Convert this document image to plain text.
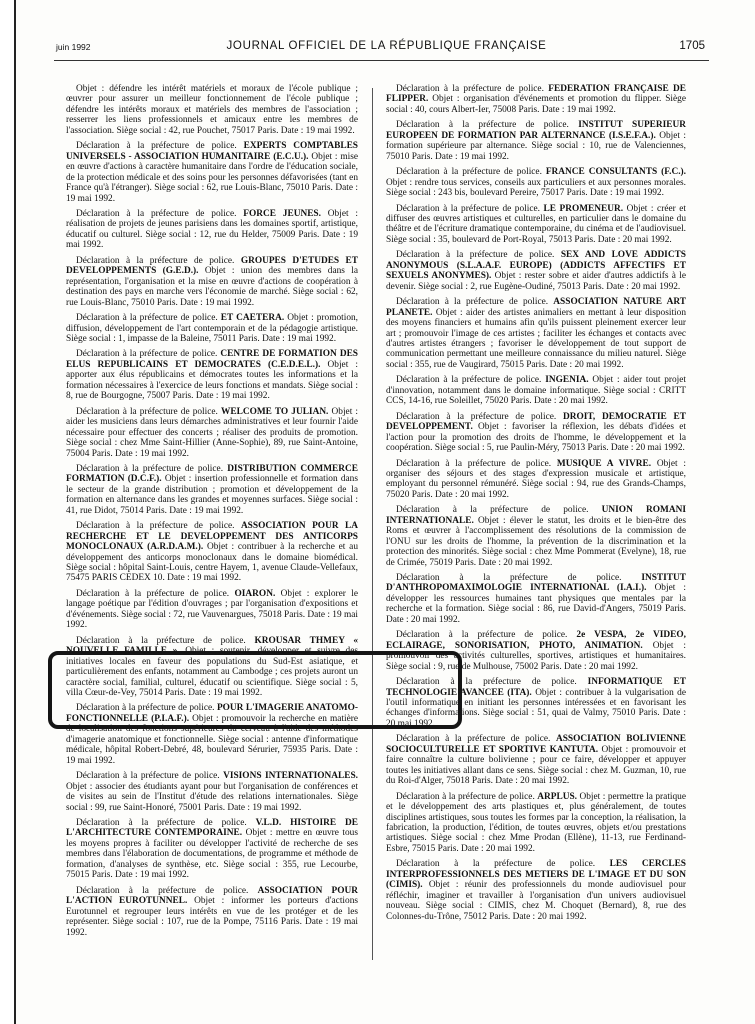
juin 1992	JOURNAL OFFICIEL DE LA RÉPUBLIQUE FRANÇAISE	1705

Objet : défendre les intérêt matériels et moraux de l'école publique ; œuvrer pour assurer un meilleur fonctionnement de l'école publique ; défendre les intérêts moraux et matériels des membres de l'association ; resserrer les liens professionnels et amicaux entre les membres de l'association. Siège social : 42, rue Pouchet, 75017 Paris. Date : 19 mai 1992.

Déclaration à la préfecture de police. EXPERTS COMPTABLES UNIVERSELS - ASSOCIATION HUMANITAIRE (E.C.U.). Objet : mise en œuvre d'actions à caractère humanitaire dans l'ordre de l'éducation sociale, de la protection médicale et des soins pour les personnes défavorisées (tant en France qu'à l'étranger). Siège social : 62, rue Louis-Blanc, 75010 Paris. Date : 19 mai 1992.

Déclaration à la préfecture de police. FORCE JEUNES. Objet : réalisation de projets de jeunes parisiens dans les domaines sportif, artistique, éducatif ou culturel. Siège social : 12, rue du Helder, 75009 Paris. Date : 19 mai 1992.

Déclaration à la préfecture de police. GROUPES D'ETUDES ET DEVELOPPEMENTS (G.E.D.). Objet : union des membres dans la représentation, l'organisation et la mise en œuvre d'actions de coopération à destination des pays en marche vers l'économie de marché. Siège social : 62, rue Louis-Blanc, 75010 Paris. Date : 19 mai 1992.

Déclaration à la préfecture de police. ET CAETERA. Objet : promotion, diffusion, développement de l'art contemporain et de la pédagogie artistique. Siège social : 1, impasse de la Baleine, 75011 Paris. Date : 19 mai 1992.

Déclaration à la préfecture de police. CENTRE DE FORMATION DES ELUS REPUBLICAINS ET DEMOCRATES (C.E.D.E.L.). Objet : apporter aux élus républicains et démocrates toutes les informations et la formation nécessaires à l'exercice de leurs fonctions et mandats. Siège social : 8, rue de Bourgogne, 75007 Paris. Date : 19 mai 1992.

Déclaration à la préfecture de police. WELCOME TO JULIAN. Objet : aider les musiciens dans leurs démarches administratives et leur fournir l'aide nécessaire pour effectuer des concerts ; réaliser des produits de promotion. Siège social : chez Mme Saint-Hillier (Anne-Sophie), 89, rue Saint-Antoine, 75004 Paris. Date : 19 mai 1992.

Déclaration à la préfecture de police. DISTRIBUTION COMMERCE FORMATION (D.C.F.). Objet : insertion professionnelle et formation dans le secteur de la grande distribution ; promotion et développement de la formation en alternance dans les grandes et moyennes surfaces. Siège social : 41, rue Didot, 75014 Paris. Date : 19 mai 1992.

Déclaration à la préfecture de police. ASSOCIATION POUR LA RECHERCHE ET LE DEVELOPPEMENT DES ANTICORPS MONOCLONAUX (A.R.D.A.M.). Objet : contribuer à la recherche et au développement des anticorps monoclonaux dans le domaine biomédical. Siège social : hôpital Saint-Louis, centre Hayem, 1, avenue Claude-Vellefaux, 75475 PARIS CEDEX 10. Date : 19 mai 1992.

Déclaration à la préfecture de police. OIARON. Objet : explorer le langage poétique par l'édition d'ouvrages ; par l'organisation d'expositions et d'événements. Siège social : 72, rue Vauvenargues, 75018 Paris. Date : 19 mai 1992.

Déclaration à la préfecture de police. KROUSAR THMEY « NOUVELLE FAMILLE ». Objet : soutenir, développer et suivre des initiatives locales en faveur des populations du Sud-Est asiatique, et particulièrement des enfants, notamment au Cambodge ; ces projets auront un caractère social, familial, culturel, éducatif ou scientifique. Siège social : 5, villa Cœur-de-Vey, 75014 Paris. Date : 19 mai 1992.

Déclaration à la préfecture de police. POUR L'IMAGERIE ANATOMO-FONCTIONNELLE (P.I.A.F.). Objet : promouvoir la recherche en matière de localisation des fonctions supérieures du cerveau à l'aide des méthodes d'imagerie anatomique et fonctionnelle. Siège social : antenne d'informatique médicale, hôpital Robert-Debré, 48, boulevard Sérurier, 75935 Paris. Date : 19 mai 1992.

Déclaration à la préfecture de police. VISIONS INTERNATIONALES. Objet : associer des étudiants ayant pour but l'organisation de conférences et de visites au sein de l'Institut d'étude des relations internationales. Siège social : 99, rue Saint-Honoré, 75001 Paris. Date : 19 mai 1992.

Déclaration à la préfecture de police. V.L.D. HISTOIRE DE L'ARCHITECTURE CONTEMPORAINE. Objet : mettre en œuvre tous les moyens propres à faciliter ou développer l'activité de recherche de ses membres dans l'élaboration de documentations, de programme et méthode de formation, d'analyses de synthèse, etc. Siège social : 355, rue Lecourbe, 75015 Paris. Date : 19 mai 1992.

Déclaration à la préfecture de police. ASSOCIATION POUR L'ACTION EUROTUNNEL. Objet : informer les porteurs d'actions Eurotunnel et regrouper leurs intérêts en vue de les protéger et de les représenter. Siège social : 107, rue de la Pompe, 75116 Paris. Date : 19 mai 1992.

Déclaration à la préfecture de police. FEDERATION FRANÇAISE DE FLIPPER. Objet : organisation d'événements et promotion du flipper. Siège social : 40, cours Albert-Ier, 75008 Paris. Date : 19 mai 1992.

Déclaration à la préfecture de police. INSTITUT SUPERIEUR EUROPEEN DE FORMATION PAR ALTERNANCE (I.S.E.F.A.). Objet : formation supérieure par alternance. Siège social : 10, rue de Valenciennes, 75010 Paris. Date : 19 mai 1992.

Déclaration à la préfecture de police. FRANCE CONSULTANTS (F.C.). Objet : rendre tous services, conseils aux particuliers et aux personnes morales. Siège social : 243 bis, boulevard Pereire, 75017 Paris. Date : 19 mai 1992.

Déclaration à la préfecture de police. LE PROMENEUR. Objet : créer et diffuser des œuvres artistiques et culturelles, en particulier dans le domaine du théâtre et de l'écriture dramatique contemporaine, du cinéma et de l'audiovisuel. Siège social : 35, boulevard de Port-Royal, 75013 Paris. Date : 20 mai 1992.

Déclaration à la préfecture de police. SEX AND LOVE ADDICTS ANONYMOUS (S.L.A.A.F. EUROPE) (ADDICTS AFFECTIFS ET SEXUELS ANONYMES). Objet : rester sobre et aider d'autres addictifs à le devenir. Siège social : 2, rue Eugène-Oudiné, 75013 Paris. Date : 20 mai 1992.

Déclaration à la préfecture de police. ASSOCIATION NATURE ART PLANETE. Objet : aider des artistes animaliers en mettant à leur disposition des moyens financiers et humains afin qu'ils puissent pleinement exercer leur art ; promouvoir l'image de ces artistes ; faciliter les échanges et contacts avec d'autres artistes étrangers ; favoriser le développement de tout support de communication permettant une meilleure connaissance du milieu naturel. Siège social : 355, rue de Vaugirard, 75015 Paris. Date : 20 mai 1992.

Déclaration à la préfecture de police. INGENIA. Objet : aider tout projet d'innovation, notamment dans le domaine informatique. Siège social : CRITT CCS, 14-16, rue Soleillet, 75020 Paris. Date : 20 mai 1992.

Déclaration à la préfecture de police. DROIT, DEMOCRATIE ET DEVELOPPEMENT. Objet : favoriser la réflexion, les débats d'idées et l'action pour la promotion des droits de l'homme, le développement et la coopération. Siège social : 5, rue Paulin-Méry, 75013 Paris. Date : 20 mai 1992.

Déclaration à la préfecture de police. MUSIQUE A VIVRE. Objet : organiser des séjours et des stages d'expression musicale et artistique, employant du personnel rémunéré. Siège social : 94, rue des Grands-Champs, 75020 Paris. Date : 20 mai 1992.

Déclaration à la préfecture de police. UNION ROMANI INTERNATIONALE. Objet : élever le statut, les droits et le bien-être des Roms et œuvrer à l'accomplissement des résolutions de la commission de l'ONU sur les droits de l'homme, la prévention de la discrimination et la protection des minorités. Siège social : chez Mme Pommerat (Evelyne), 18, rue de Crimée, 75019 Paris. Date : 20 mai 1992.

Déclaration à la préfecture de police. INSTITUT D'ANTHROPOMAXIMOLOGIE INTERNATIONAL (I.A.I.). Objet : développer les ressources humaines tant physiques que mentales par la recherche et la formation. Siège social : 86, rue David-d'Angers, 75019 Paris. Date : 20 mai 1992.

Déclaration à la préfecture de police. 2e VESPA, 2e VIDEO, ECLAIRAGE, SONORISATION, PHOTO, ANIMATION. Objet : promouvoir des activités culturelles, sportives, artistiques et humanitaires. Siège social : 9, rue de Mulhouse, 75002 Paris. Date : 20 mai 1992.

Déclaration à la préfecture de police. INFORMATIQUE ET TECHNOLOGIE AVANCEE (ITA). Objet : contribuer à la vulgarisation de l'outil informatique en initiant les personnes intéressées et en favorisant les échanges d'informations. Siège social : 51, quai de Valmy, 75010 Paris. Date : 20 mai 1992.

Déclaration à la préfecture de police. ASSOCIATION BOLIVIENNE SOCIOCULTURELLE ET SPORTIVE KANTUTA. Objet : promouvoir et faire connaître la culture bolivienne ; pour ce faire, développer et appuyer toutes les initiatives allant dans ce sens. Siège social : chez M. Guzman, 10, rue du Roi-d'Alger, 75018 Paris. Date : 20 mai 1992.

Déclaration à la préfecture de police. ARPLUS. Objet : permettre la pratique et le développement des arts plastiques et, plus généralement, de toutes disciplines artistiques, sous toutes les formes par la conception, la réalisation, la fabrication, la production, l'édition, de toutes œuvres, objets et/ou prestations artistiques. Siège social : chez Mme Prodan (Ellène), 11-13, rue Ferdinand-Esbre, 75015 Paris. Date : 20 mai 1992.

Déclaration à la préfecture de police. LES CERCLES INTERPROFESSIONNELS DES METIERS DE L'IMAGE ET DU SON (CIMIS). Objet : réunir des professionnels du monde audiovisuel pour réfléchir, imaginer et travailler à l'organisation d'un univers audiovisuel nouveau. Siège social : CIMIS, chez M. Choquet (Bernard), 8, rue des Colonnes-du-Trône, 75012 Paris. Date : 20 mai 1992.
